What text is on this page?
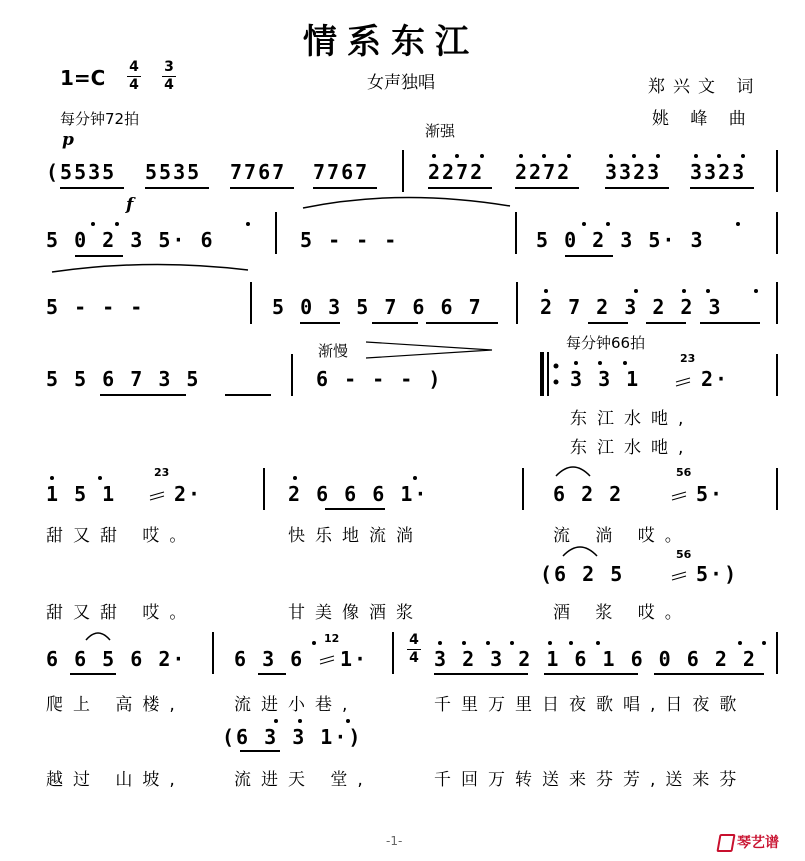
情系东江
女声独唱	郑兴文 词
姚 峰 曲
1=C 4
4
3
4
每分钟72拍
p	渐强
(5535 5535 7767 7767	2272 2272 3323 3323
f
5 0 2 3 5· 6	5 - - -	5 0 2 3 5· 3
5 - - -	5 0 3 5 7 6 6 7	2 7 2 3 2 2 3
渐慢	每分钟66拍
5 5 6 7 3 5	6 - - - )	3 3 1
23
2·
东江水吔,
东江水吔,
1 5 1
23
2·	2 6 6 6 1·	6 2 2
56
5·
甜又甜 哎。	快乐地流淌	流 淌 哎。
(6 2 5
56
5·)
甜又甜 哎。	甘美像酒浆	酒 浆 哎。
6 6 5 6 2· 6 3 6
12
1·
4
4 3 2 3 2 1 6 1 6 0 6 2 2
爬上 高楼,	流进小巷,	千里万里日夜歌唱,日夜歌
(6 3 3 1·)
越过 山坡,	流进天 堂,	千回万转送来芬芳,送来芬
-1-	琴艺谱
